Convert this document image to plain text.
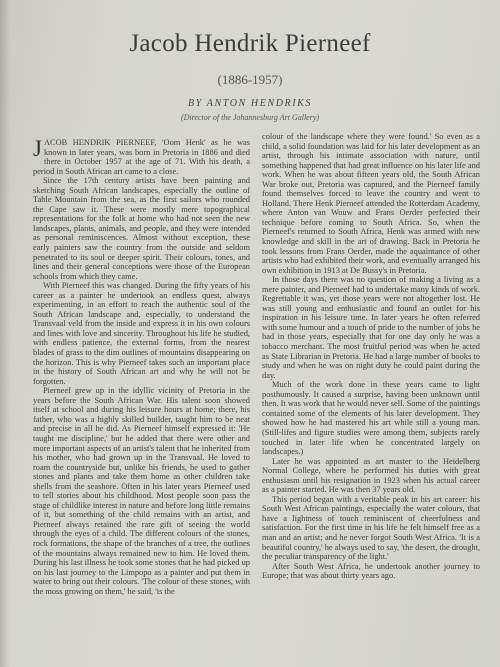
Jacob Hendrik Pierneef
(1886-1957)
BY ANTON HENDRIKS
(Director of the Johannesburg Art Gallery)

JACOB HENDRIK PIERNEEF, 'Oom Henk' as he was known in later years, was born in Pretoria in 1886 and died there in October 1957 at the age of 71. With his death, a period in South African art came to a close.

Since the 17th century artists have been painting and sketching South African landscapes, especially the outline of Table Mountain from the sea, as the first sailors who rounded the Cape saw it. These were mostly mere topographical representations for the folk at home who had not seen the new landscapes, plants, animals, and people, and they were intended as personal reminiscences. Almost without exception, these early painters saw the country from the outside and seldom penetrated to its soul or deeper spirit. Their colours, tones, and lines and their general conceptions were those of the European schools from which they came.

With Pierneef this was changed. During the fifty years of his career as a painter he undertook an endless quest, always experimenting, in an effort to reach the authentic soul of the South African landscape and, especially, to understand the Transvaal veld from the inside and express it in his own colours and lines with love and sincerity. Throughout his life he studied, with endless patience, the external forms, from the nearest blades of grass to the dim outlines of mountains disappearing on the horizon. This is why Pierneef takes such an important place in the history of South African art and why he will not be forgotten.

Pierneef grew up in the idyllic vicinity of Pretoria in the years before the South African War. His talent soon showed itself at school and during his leisure hours at home; there, his father, who was a highly skilled builder, taught him to be neat and precise in all he did. As Pierneef himself expressed it: 'He taught me discipline,' but he added that there were other and more important aspects of an artist's talent that he inherited from his mother, who had grown up in the Transvaal. He loved to roam the countryside but, unlike his friends, he used to gather stones and plants and take them home as other children take shells from the seashore. Often in his later years Pierneef used to tell stories about his childhood. Most people soon pass the stage of childlike interest in nature and before long little remains of it, but something of the child remains with an artist, and Pierneef always retained the rare gift of seeing the world through the eyes of a child. The different colours of the stones, rock formations, the shape of the branches of a tree, the outlines of the mountains always remained new to him. He loved them. During his last illness he took some stones that he had picked up on his last journey to the Limpopo as a painter and put them in water to bring out their colours. 'The colour of these stones, with the moss growing on them,' he said, 'is the

colour of the landscape where they were found.' So even as a child, a solid foundation was laid for his later development as an artist, through his intimate association with nature, until something happened that had great influence on his later life and work. When he was about fifteen years old, the South African War broke out, Pretoria was captured, and the Pierneef family found themselves forced to leave the country and went to Holland. There Henk Pierneef attended the Rotterdam Academy, where Anton van Wouw and Frans Oerder perfected their technique before coming to South Africa. So, when the Pierneef's returned to South Africa, Henk was armed with new knowledge and skill in the art of drawing. Back in Pretoria he took lessons from Frans Oerder, made the aquaintance of other artists who had exhibited their work, and eventually arranged his own exhibition in 1913 at De Bussy's in Pretoria.

In those days there was no question of making a living as a mere painter, and Pierneef had to undertake many kinds of work. Regrettable it was, yet those years were not altogether lost. He was still young and enthusiastic and found an outlet for his inspiration in his leisure time. In later years he often referred with some humour and a touch of pride to the number of jobs he had in those years, especially that for one day only he was a tobacco merchant. The most fruitful period was when he acted as State Librarian in Pretoria. He had a large number of books to study and when he was on night duty he could paint during the day.

Much of the work done in these years came to light posthumously. It caused a surprise, having been unknown until then. It was work that he would never sell. Some of the paintings contained some of the elements of his later development. They showed how he had mastered his art while still a young man. (Still-lifes and figure studies were among them, subjects rarely touched in later life when he concentrated largely on landscapes.)

Later he was appointed as art master to the Heidelberg Normal College, where he performed his duties with great enthusiasm until his resignation in 1923 when his actual career as a painter started. He was then 37 years old.

This period began with a veritable peak in his art career: his South West African paintings, especially the water colours, that have a lightness of touch reminiscent of cheerfulness and satisfaction. For the first time in his life he felt himself free as a man and an artist; and he never forgot South West Africa. 'It is a beautiful country,' he always used to say, 'the desert, the drought, the peculiar transparency of the light.'

After South West Africa, he undertook another journey to Europe; that was about thirty years ago.
